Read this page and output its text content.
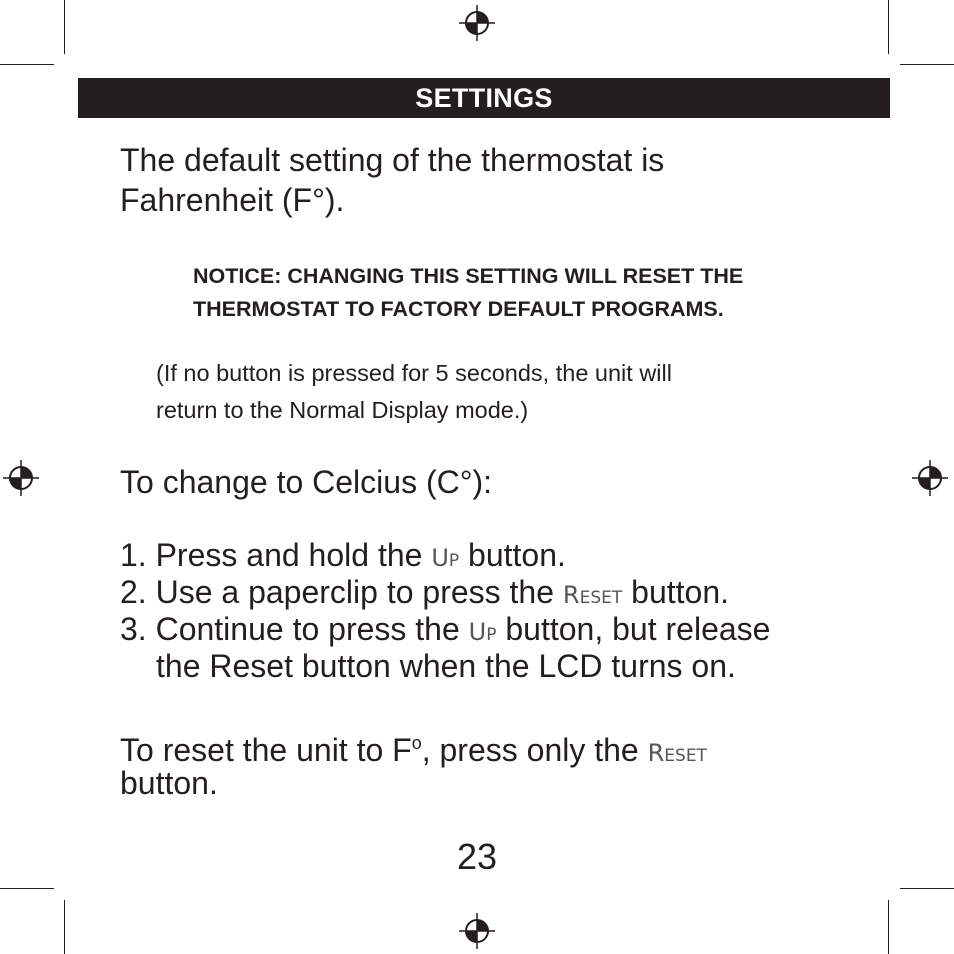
SETTINGS
The default setting of the thermostat is
Fahrenheit (F°).
NOTICE: CHANGING THIS SETTING WILL RESET THE
THERMOSTAT TO FACTORY DEFAULT PROGRAMS.
(If no button is pressed for 5 seconds, the unit will
return to the Normal Display mode.)
To change to Celcius (C°):
1. Press and hold the Up button.
2. Use a paperclip to press the Reset button.
3. Continue to press the Up button, but release
the Reset button when the LCD turns on.
To reset the unit to $F^o$, press only the Reset
button.
23
